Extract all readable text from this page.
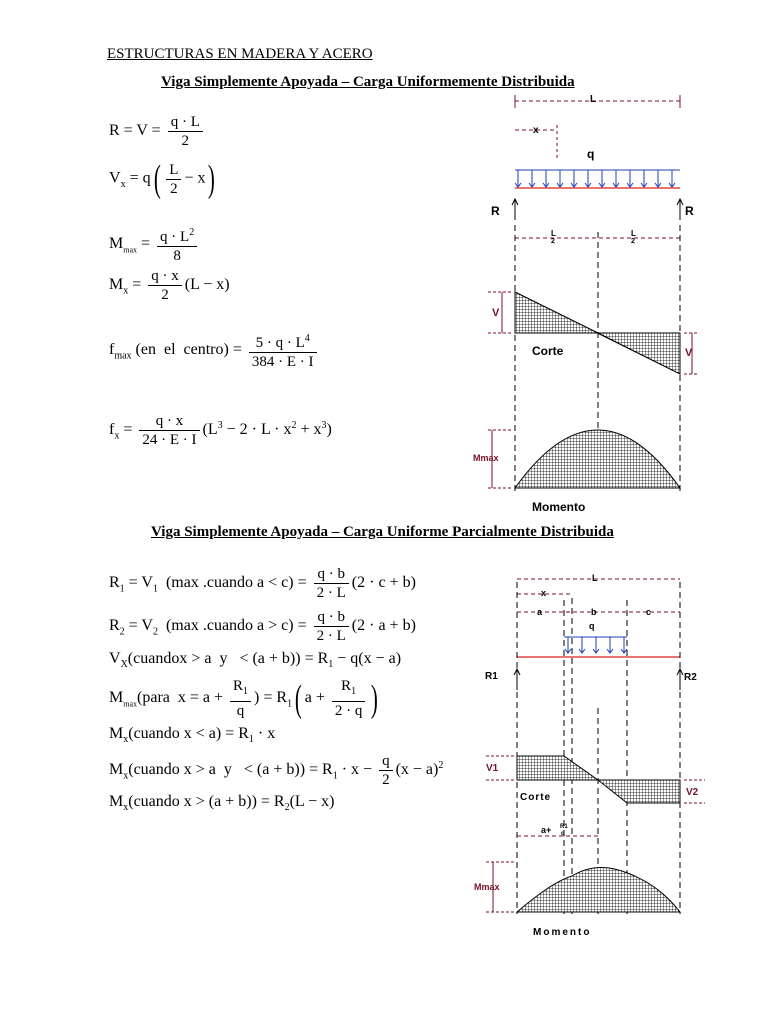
ESTRUCTURAS EN MADERA Y ACERO
Viga Simplemente Apoyada – Carga Uniformemente Distribuida
$R = V = \frac{q \cdot L}{2}$
$V_x = q( \frac{L}{2} - x)$
$M_{max} = \frac{q \cdot L^2}{8}$
$M_x = \frac{q \cdot x}{2} (L - x)$
$f_{max}$ (en  el  centro) = $\frac{5 \cdot q \cdot L^4}{384 \cdot E \cdot I}$
$f_x = \frac{q \cdot x}{24 \cdot E \cdot I} (L^3 - 2 \cdot L \cdot x^2 + x^3)$
L
x
q
R	R
L
2
L
2
V
V
Corte
Mmax
Momento
Viga Simplemente Apoyada – Carga Uniforme Parcialmente Distribuida
$R_1 = V_1$  (max .cuando $a < c) = \frac{q \cdot b}{2 \cdot L} (2 \cdot c + b)$
$R_2 = V_2$  (max .cuando $a > c) = \frac{q \cdot b}{2 \cdot L} (2 \cdot a + b)$
$V_X(cuandox > a$  $y < (a + b)) = R_1 - q(x - a)$
$M_{max}(para$  $x = a + \frac{R_1}{q}$ ) = $R_1$( $a + \frac{R_1}{2 \cdot q}$ )
$M_x(cuando$ $x < a) = R_1 \cdot x$
$M_x(cuando$ x > a  $y < (a + b)) = R_1 \cdot x - \frac{q}{2} (x - a)^2$
$M_x(cuando$ $x > (a + b)) = R_2(L - x)$
L
x
a	b	c
q
R1	R2
V1
V2
Corte
a+ R1
q
Mmax
Momento
